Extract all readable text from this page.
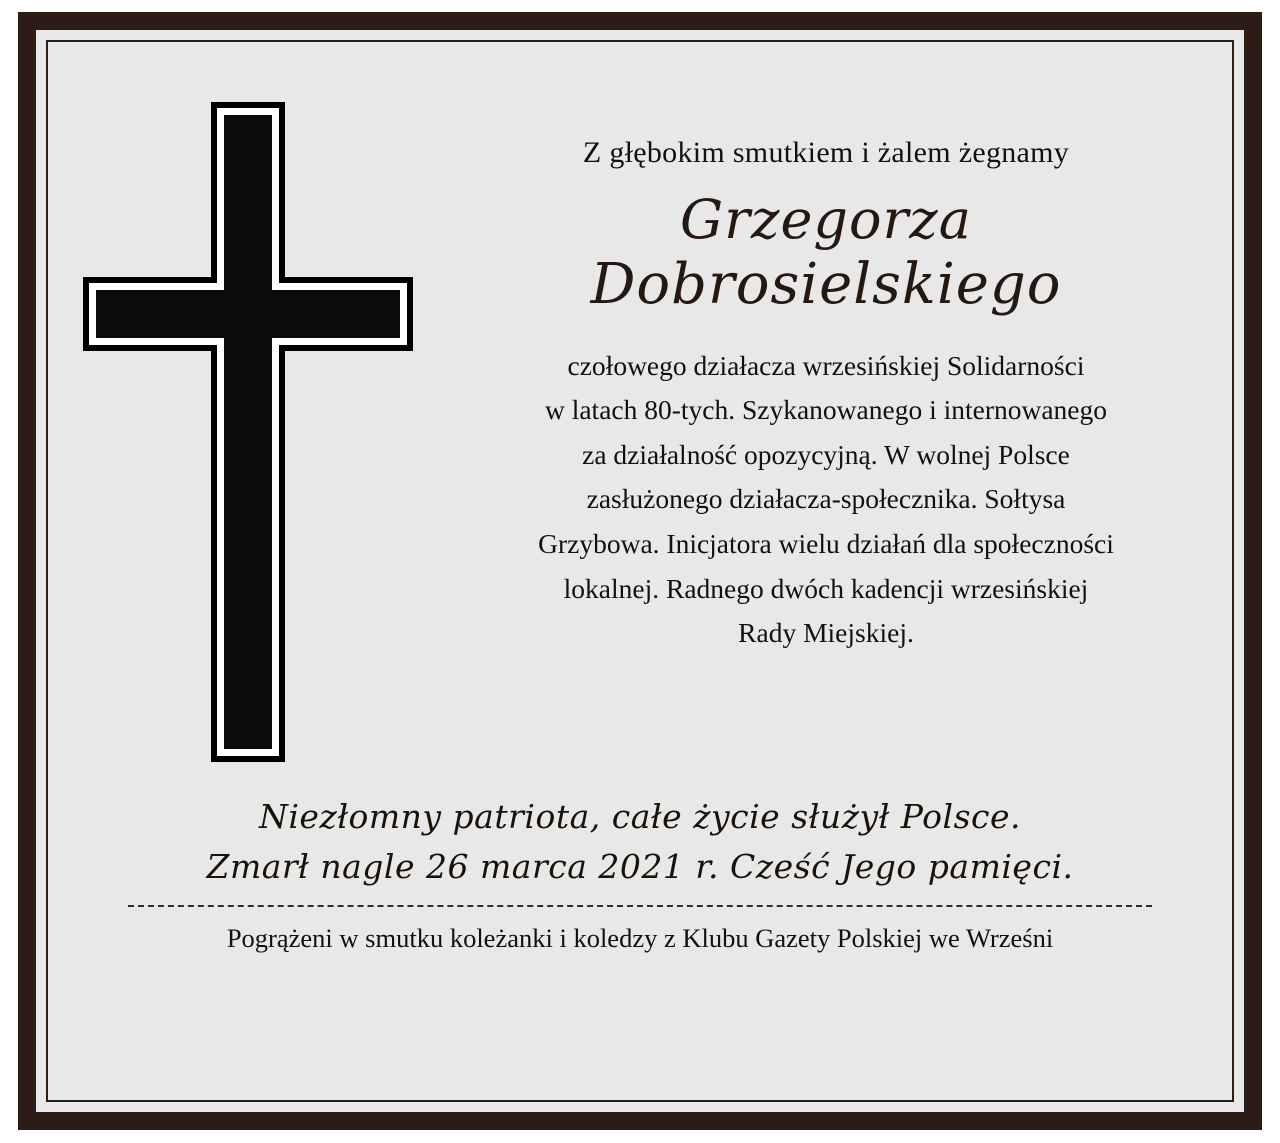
Z głębokim smutkiem i żalem żegnamy
Grzegorza
Dobrosielskiego
czołowego działacza wrzesińskiej Solidarności
w latach 80-tych. Szykanowanego i internowanego
za działalność opozycyjną. W wolnej Polsce
zasłużonego działacza-społecznika. Sołtysa
Grzybowa. Inicjatora wielu działań dla społeczności
lokalnej. Radnego dwóch kadencji wrzesińskiej
Rady Miejskiej.
Niezłomny patriota, całe życie służył Polsce.
Zmarł nagle 26 marca 2021 r. Cześć Jego pamięci.
Pogrążeni w smutku koleżanki i koledzy z Klubu Gazety Polskiej we Wrześni
